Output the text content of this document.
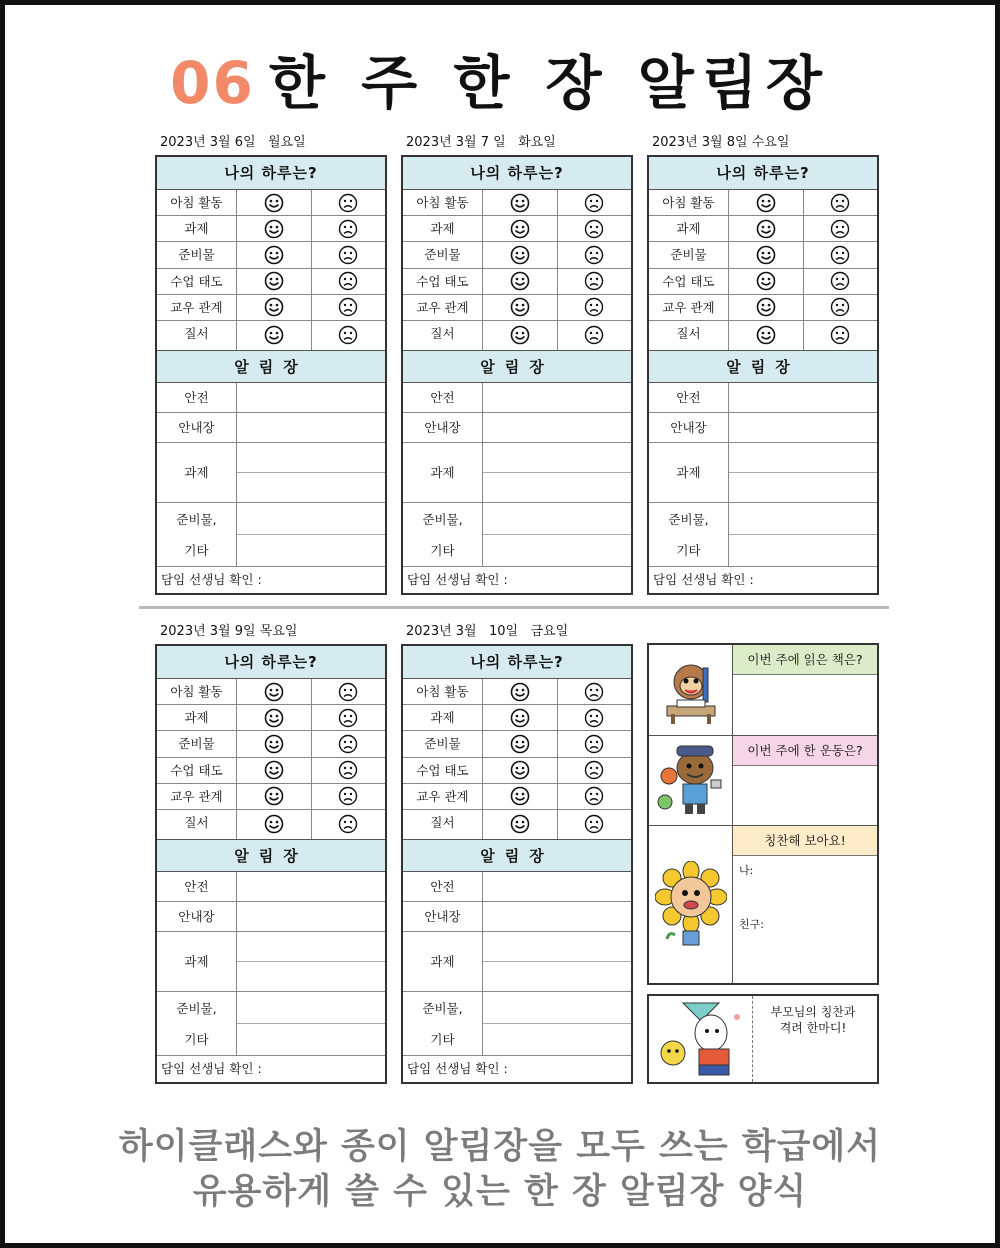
06 한 주 한 장 알림장
2023년 3월 6일   월요일
나의 하루는?
아침 활동
과제
준비물
수업 태도
교우 관계
질서
알림장
안전
안내장
과제
준비물,
기타
담임 선생님 확인 :
2023년 3월 7 일   화요일
나의 하루는?
아침 활동
과제
준비물
수업 태도
교우 관계
질서
알림장
안전
안내장
과제
준비물,
기타
담임 선생님 확인 :
2023년 3월 8일 수요일
나의 하루는?
아침 활동
과제
준비물
수업 태도
교우 관계
질서
알림장
안전
안내장
과제
준비물,
기타
담임 선생님 확인 :
2023년 3월 9일 목요일
나의 하루는?
아침 활동
과제
준비물
수업 태도
교우 관계
질서
알림장
안전
안내장
과제
준비물,
기타
담임 선생님 확인 :
2023년 3월   10일   금요일
나의 하루는?
아침 활동
과제
준비물
수업 태도
교우 관계
질서
알림장
안전
안내장
과제
준비물,
기타
담임 선생님 확인 :
이번 주에 읽은 책은?
이번 주에 한 운동은?
칭찬해 보아요!
나:
친구:
부모님의 칭찬과
격려 한마디!
하이클래스와 종이 알림장을 모두 쓰는 학급에서
유용하게 쓸 수 있는 한 장 알림장 양식
